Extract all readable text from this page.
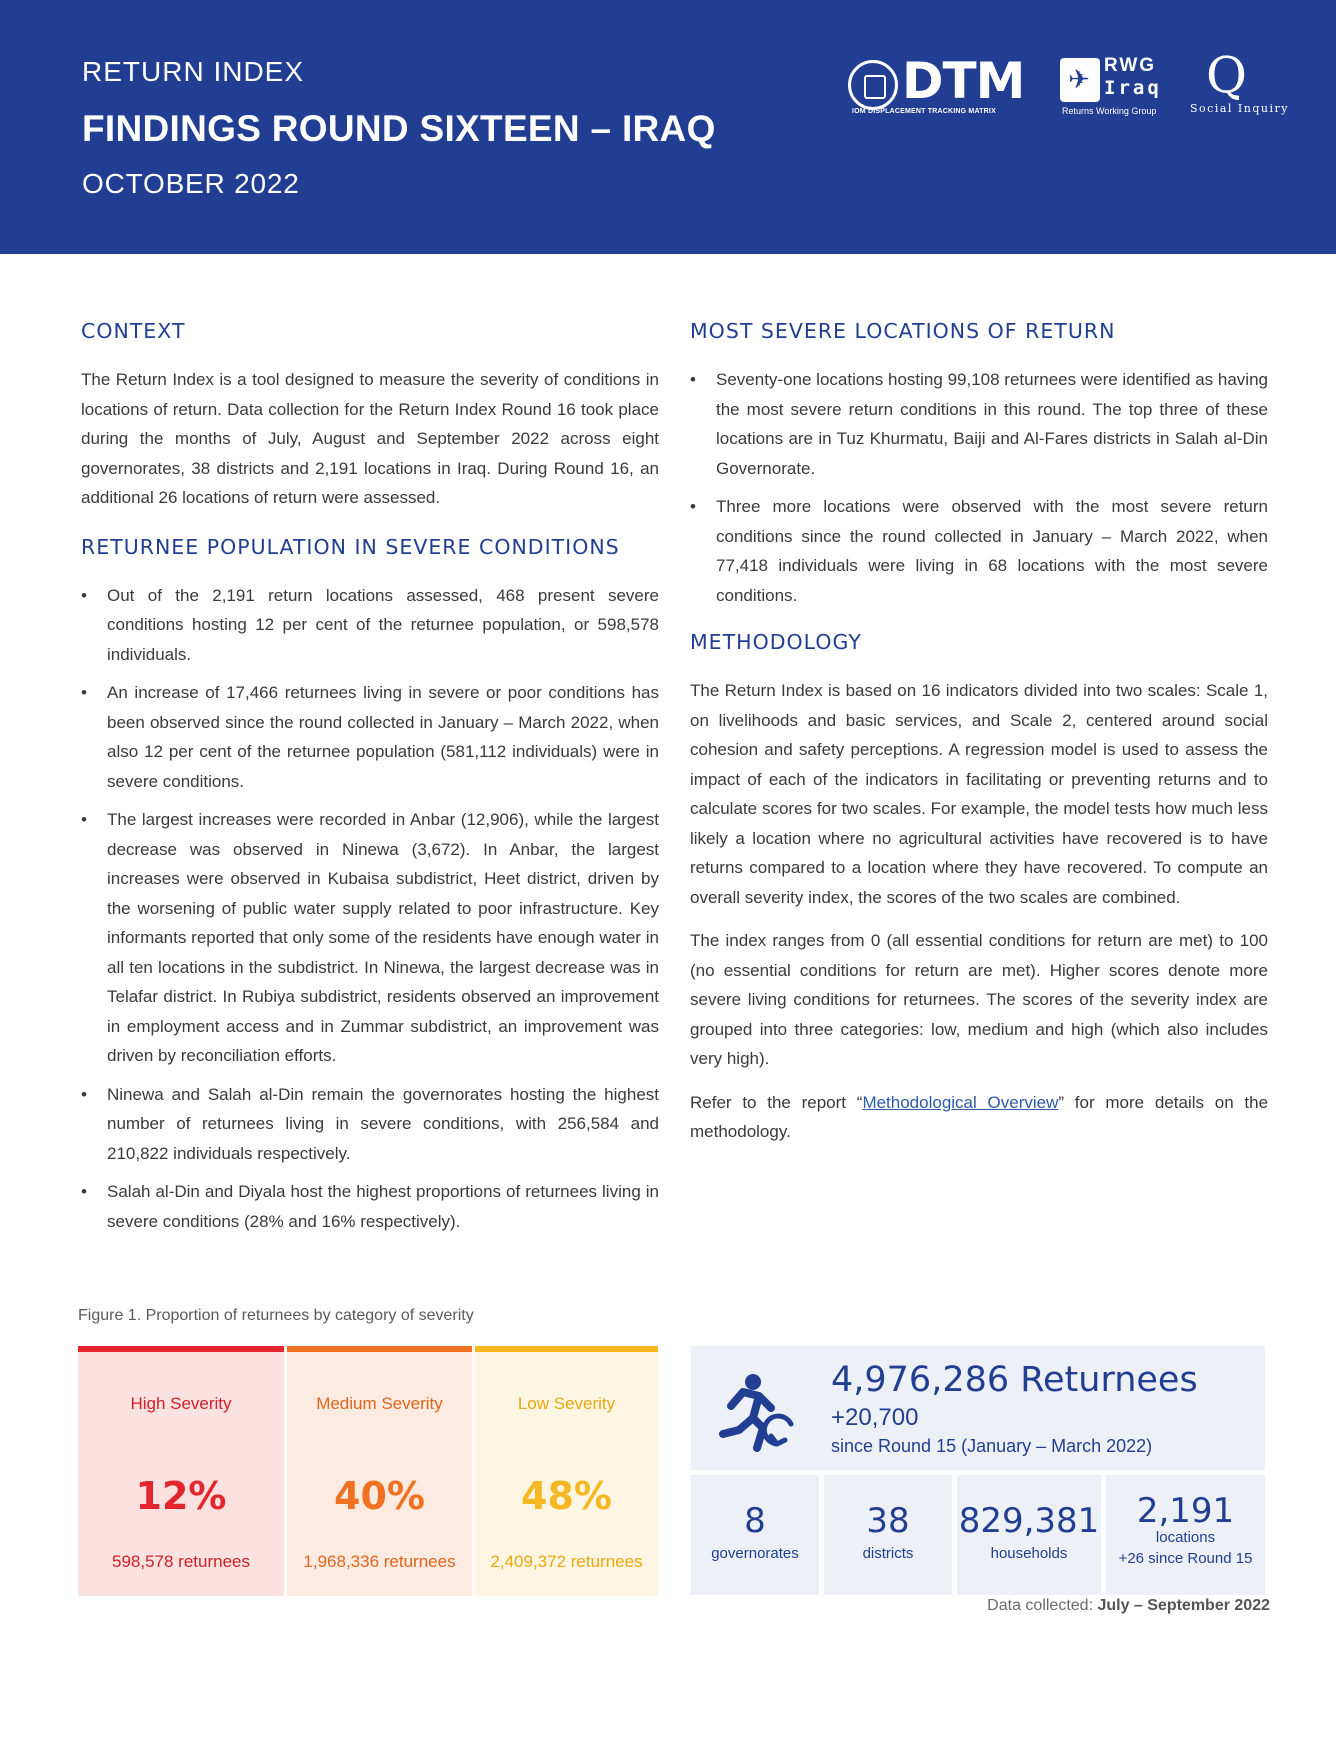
RETURN INDEX
FINDINGS ROUND SIXTEEN – IRAQ
OCTOBER 2022
DTM
IOM DISPLACEMENT TRACKING MATRIX
✈ RWG
Iraq
Returns Working Group
Q
Social Inquiry
CONTEXT

The Return Index is a tool designed to measure the severity of conditions in locations of return. Data collection for the Return Index Round 16 took place during the months of July, August and September 2022 across eight governorates, 38 districts and 2,191 locations in Iraq. During Round 16, an additional 26 locations of return were assessed.

RETURNEE POPULATION IN SEVERE CONDITIONS
• Out of the 2,191 return locations assessed, 468 present severe conditions hosting 12 per cent of the returnee population, or 598,578 individuals.
• An increase of 17,466 returnees living in severe or poor conditions has been observed since the round collected in January – March 2022, when also 12 per cent of the returnee population (581,112 individuals) were in severe conditions.
• The largest increases were recorded in Anbar (12,906), while the largest decrease was observed in Ninewa (3,672). In Anbar, the largest increases were observed in Kubaisa subdistrict, Heet district, driven by the worsening of public water supply related to poor infrastructure. Key informants reported that only some of the residents have enough water in all ten locations in the subdistrict. In Ninewa, the largest decrease was in Telafar district. In Rubiya subdistrict, residents observed an improvement in employment access and in Zummar subdistrict, an improvement was driven by reconciliation efforts.
• Ninewa and Salah al-Din remain the governorates hosting the highest number of returnees living in severe conditions, with 256,584 and 210,822 individuals respectively.
• Salah al-Din and Diyala host the highest proportions of returnees living in severe conditions (28% and 16% respectively).
MOST SEVERE LOCATIONS OF RETURN
• Seventy-one locations hosting 99,108 returnees were identified as having the most severe return conditions in this round. The top three of these locations are in Tuz Khurmatu, Baiji and Al-Fares districts in Salah al-Din Governorate.
• Three more locations were observed with the most severe return conditions since the round collected in January – March 2022, when 77,418 individuals were living in 68 locations with the most severe conditions.
METHODOLOGY

The Return Index is based on 16 indicators divided into two scales: Scale 1, on livelihoods and basic services, and Scale 2, centered around social cohesion and safety perceptions. A regression model is used to assess the impact of each of the indicators in facilitating or preventing returns and to calculate scores for two scales. For example, the model tests how much less likely a location where no agricultural activities have recovered is to have returns compared to a location where they have recovered. To compute an overall severity index, the scores of the two scales are combined.

The index ranges from 0 (all essential conditions for return are met) to 100 (no essential conditions for return are met). Higher scores denote more severe living conditions for returnees. The scores of the severity index are grouped into three categories: low, medium and high (which also includes very high).

Refer to the report “Methodological Overview” for more details on the methodology.

Figure 1. Proportion of returnees by category of severity
High Severity
12%
598,578 returnees
Medium Severity
40%
1,968,336 returnees
Low Severity
48%
2,409,372 returnees
4,976,286 Returnees
+20,700
since Round 15 (January – March 2022)
8
governorates
38
districts
829,381
households
2,191
locations
+26 since Round 15
Data collected: July – September 2022
